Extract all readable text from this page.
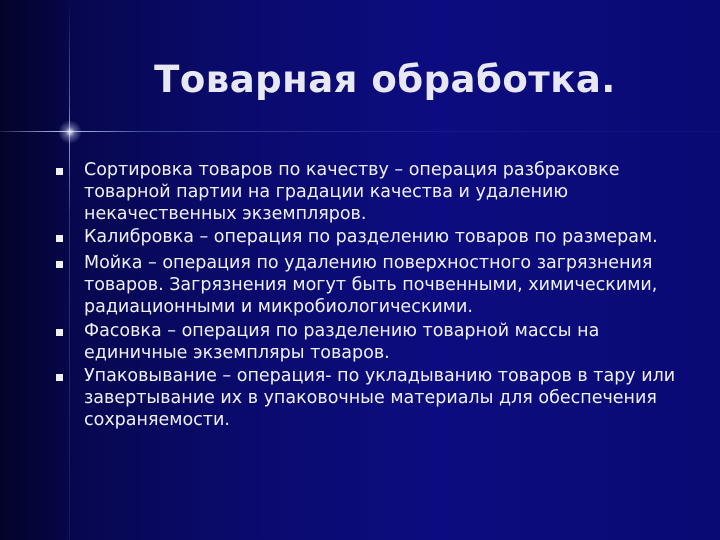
Товарная обработка.
Сортировка товаров по качеству – операция разбраковке товарной партии на градации качества и удалению некачественных экземпляров.
Калибровка – операция по разделению товаров по размерам.
Мойка – операция по удалению поверхностного загрязнения товаров. Загрязнения могут быть почвенными, химическими, радиационными и микробиологическими.
Фасовка – операция по разделению товарной массы на единичные экземпляры товаров.
Упаковывание – операция- по укладыванию товаров в тару или завертывание их в упаковочные материалы для обеспечения сохраняемости.
